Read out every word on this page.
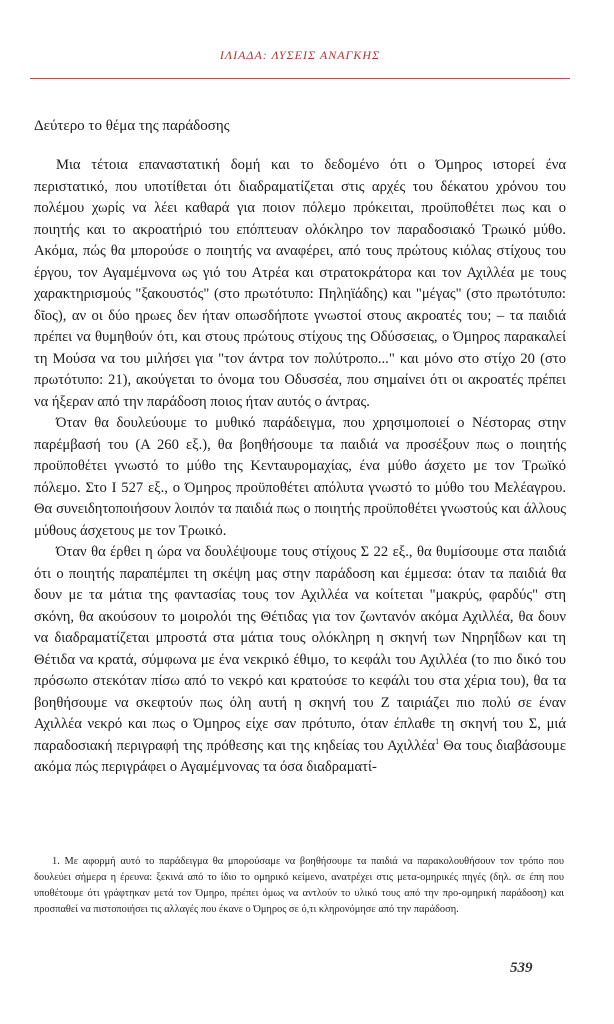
ΙΛΙΑΔΑ: ΛΥΣΕΙΣ ΑΝΑΓΚΗΣ
Δεύτερο το θέμα της παράδοσης

Μια τέτοια επαναστατική δομή και το δεδομένο ότι ο Όμηρος ιστορεί ένα περιστατικό, που υποτίθεται ότι διαδραματίζεται στις αρχές του δέκατου χρόνου του πολέμου χωρίς να λέει καθαρά για ποιον πόλεμο πρόκειται, προϋποθέτει πως και ο ποιητής και το ακροατήριό του επόπτευαν ολόκληρο τον παραδοσιακό Τρωικό μύθο. Ακόμα, πώς θα μπορούσε ο ποιητής να αναφέρει, από τους πρώτους κιόλας στίχους του έργου, τον Αγαμέμνονα ως γιό του Ατρέα και στρατοκράτορα και τον Αχιλλέα με τους χαρακτηρισμούς "ξακουστός" (στο πρωτότυπο: Πηληϊάδης) και "μέγας" (στο πρωτότυπο: δῖος), αν οι δύο ηρωες δεν ήταν οπωσδήποτε γνωστοί στους ακροατές του; – τα παιδιά πρέπει να θυμηθούν ότι, και στους πρώτους στίχους της Οδύσσειας, ο Όμηρος παρακαλεί τη Μούσα να του μιλήσει για "τον άντρα τον πολύτροπο..." και μόνο στο στίχο 20 (στο πρωτότυπο: 21), ακούγεται το όνομα του Οδυσσέα, που σημαίνει ότι οι ακροατές πρέπει να ήξεραν από την παράδοση ποιος ήταν αυτός ο άντρας.

Όταν θα δουλεύουμε το μυθικό παράδειγμα, που χρησιμοποιεί ο Νέστορας στην παρέμβασή του (Α 260 εξ.), θα βοηθήσουμε τα παιδιά να προσέξουν πως ο ποιητής προϋποθέτει γνωστό το μύθο της Κενταυρομαχίας, ένα μύθο άσχετο με τον Τρωϊκό πόλεμο. Στο Ι 527 εξ., ο Όμηρος προϋποθέτει απόλυτα γνωστό το μύθο του Μελέαγρου. Θα συνειδητοποιήσουν λοιπόν τα παιδιά πως ο ποιητής προϋποθέτει γνωστούς και άλλους μύθους άσχετους με τον Τρωικό.

Όταν θα έρθει η ώρα να δουλέψουμε τους στίχους Σ 22 εξ., θα θυμίσουμε στα παιδιά ότι ο ποιητής παραπέμπει τη σκέψη μας στην παράδοση και έμμεσα: όταν τα παιδιά θα δουν με τα μάτια της φαντασίας τους τον Αχιλλέα να κοίτεται "μακρύς, φαρδύς" στη σκόνη, θα ακούσουν το μοιρολόι της Θέτιδας για τον ζωντανόν ακόμα Αχιλλέα, θα δουν να διαδραματίζεται μπροστά στα μάτια τους ολόκληρη η σκηνή των Νηρηΐδων και τη Θέτιδα να κρατά, σύμφωνα με ένα νεκρικό έθιμο, το κεφάλι του Αχιλλέα (το πιο δικό του πρόσωπο στεκόταν πίσω από το νεκρό και κρατούσε το κεφάλι του στα χέρια του), θα τα βοηθήσουμε να σκεφτούν πως όλη αυτή η σκηνή του Ζ ταιριάζει πιο πολύ σε έναν Αχιλλέα νεκρό και πως ο Όμηρος είχε σαν πρότυπο, όταν έπλαθε τη σκηνή του Σ, μιά παραδοσιακή περιγραφή της πρόθεσης και της κηδείας του Αχιλλέα$^1$ Θα τους διαβάσουμε ακόμα πώς περιγράφει ο Αγαμέμνονας τα όσα διαδραματί-

1. Με αφορμή αυτό το παράδειγμα θα μπορούσαμε να βοηθήσουμε τα παιδιά να παρακολουθήσουν τον τρόπο που δουλεύει σήμερα η έρευνα: ξεκινά από το ίδιο το ομηρικό κείμενο, ανατρέχει στις μετα-ομηρικές πηγές (δηλ. σε έπη που υποθέτουμε ότι γράφτηκαν μετά τον Όμηρο, πρέπει όμως να αντλούν το υλικό τους από την προ-ομηρική παράδοση) και προσπαθεί να πιστοποιήσει τις αλλαγές που έκανε ο Όμηρος σε ό,τι κληρονόμησε από την παράδοση.
539
